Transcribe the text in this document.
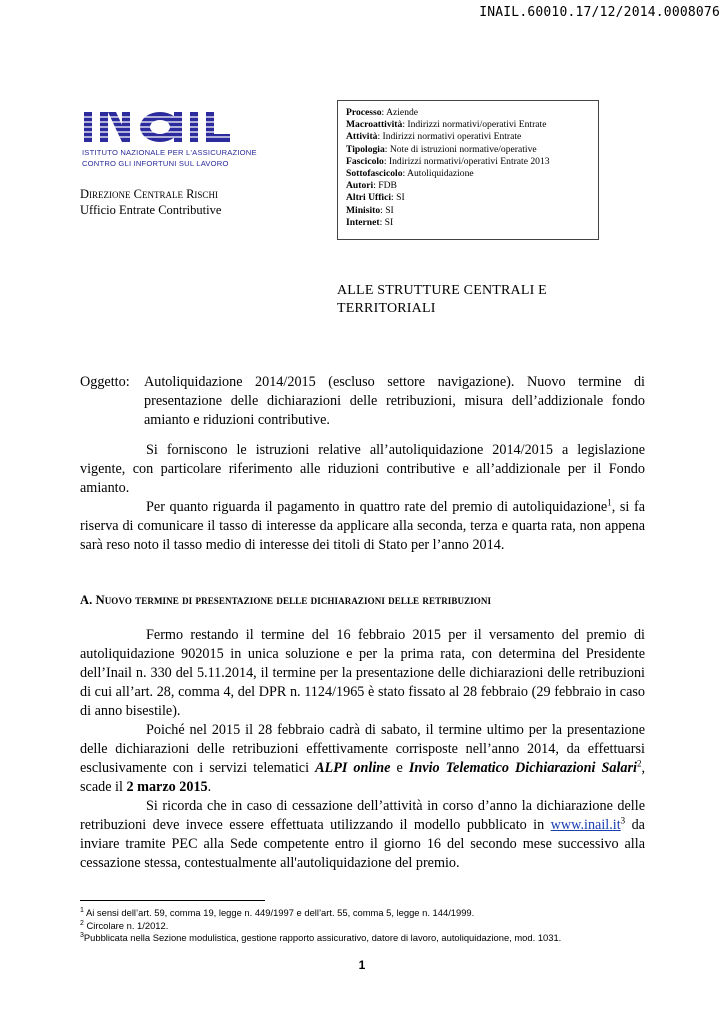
INAIL.60010.17/12/2014.0008076
ISTITUTO NAZIONALE PER L'ASSICURAZIONE
CONTRO GLI INFORTUNI SUL LAVORO
Direzione Centrale Rischi
Ufficio Entrate Contributive
Processo: Aziende
Macroattività: Indirizzi normativi/operativi Entrate
Attività: Indirizzi normativi operativi Entrate
Tipologia: Note di istruzioni normative/operative
Fascicolo: Indirizzi normativi/operativi Entrate 2013
Sottofascicolo: Autoliquidazione
Autori: FDB
Altri Uffici: SI
Minisito: SI
Internet: SI
ALLE STRUTTURE CENTRALI E
TERRITORIALI
Oggetto:	Autoliquidazione 2014/2015 (escluso settore navigazione). Nuovo termine di presentazione delle dichiarazioni delle retribuzioni, misura dell’addizionale fondo amianto e riduzioni contributive.

Si forniscono le istruzioni relative all’autoliquidazione 2014/2015 a legislazione vigente, con particolare riferimento alle riduzioni contributive e all’addizionale per il Fondo amianto.

Per quanto riguarda il pagamento in quattro rate del premio di autoliquidazione$^1$, si fa riserva di comunicare il tasso di interesse da applicare alla seconda, terza e quarta rata, non appena sarà reso noto il tasso medio di interesse dei titoli di Stato per l’anno 2014.

A. Nuovo termine di presentazione delle dichiarazioni delle retribuzioni

Fermo restando il termine del 16 febbraio 2015 per il versamento del premio di autoliquidazione 902015 in unica soluzione e per la prima rata, con determina del Presidente dell’Inail n. 330 del 5.11.2014, il termine per la presentazione delle dichiarazioni delle retribuzioni di cui all’art. 28, comma 4, del DPR n. 1124/1965 è stato fissato al 28 febbraio (29 febbraio in caso di anno bisestile).

Poiché nel 2015 il 28 febbraio cadrà di sabato, il termine ultimo per la presentazione delle dichiarazioni delle retribuzioni effettivamente corrisposte nell’anno 2014, da effettuarsi esclusivamente con i servizi telematici ALPI online e Invio Telematico Dichiarazioni Salari$^2$, scade il 2 marzo 2015.

Si ricorda che in caso di cessazione dell’attività in corso d’anno la dichiarazione delle retribuzioni deve invece essere effettuata utilizzando il modello pubblicato in $www.inail.it^3$ da inviare tramite PEC alla Sede competente entro il giorno 16 del secondo mese successivo alla cessazione stessa, contestualmente all'autoliquidazione del premio.

$^1$ Ai sensi dell’art. 59, comma 19, legge n. 449/1997 e dell’art. 55, comma 5, legge n. 144/1999.
$^2$ Circolare n. 1/2012.
$^3$Pubblicata nella Sezione modulistica, gestione rapporto assicurativo, datore di lavoro, autoliquidazione, mod. 1031.
1
